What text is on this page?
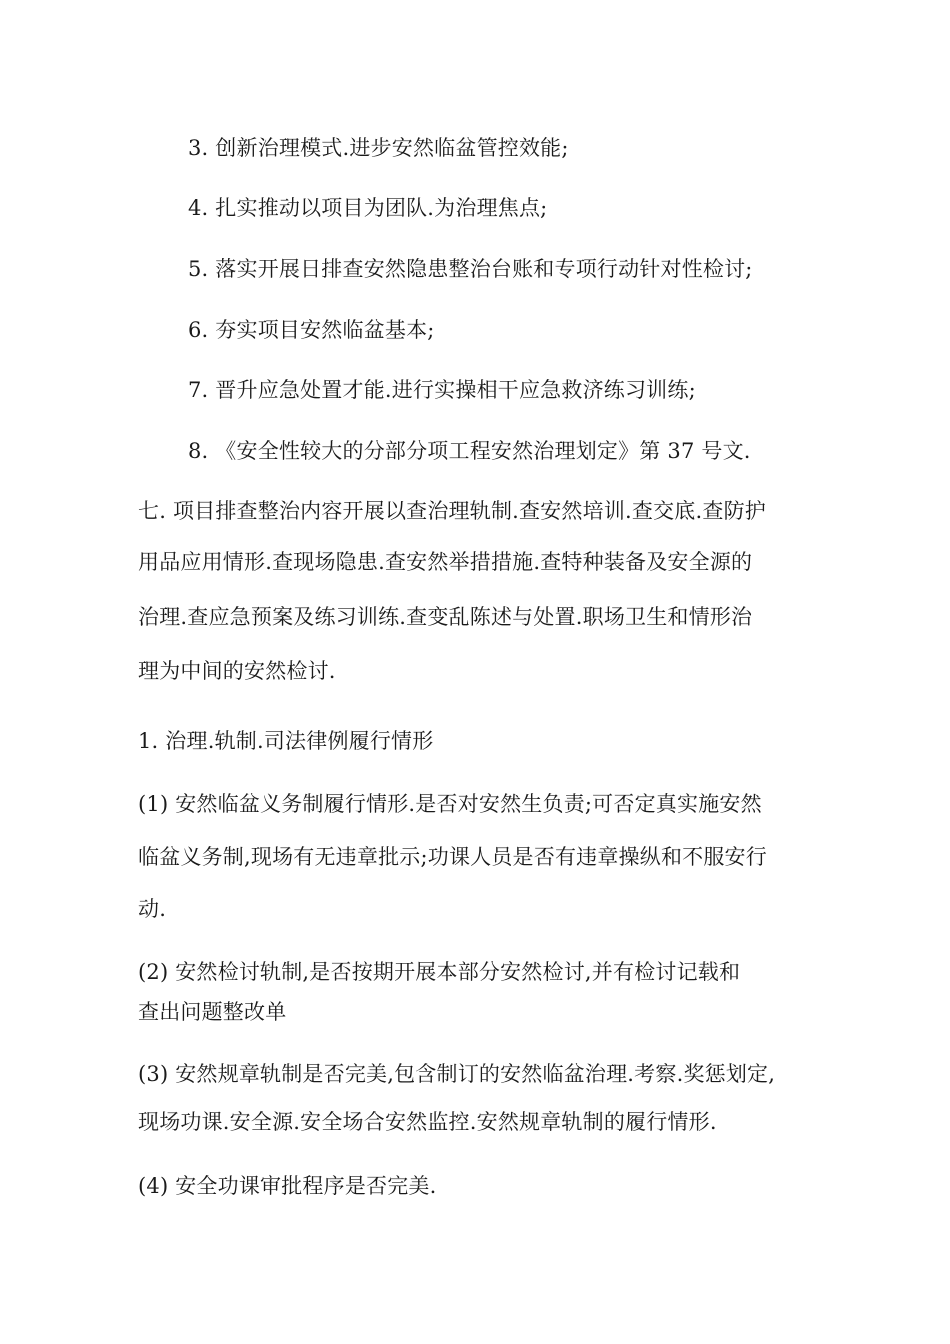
3. 创新治理模式.进步安然临盆管控效能;
4. 扎实推动以项目为团队.为治理焦点;
5. 落实开展日排查安然隐患整治台账和专项行动针对性检讨;
6. 夯实项目安然临盆基本;
7. 晋升应急处置才能.进行实操相干应急救济练习训练;
8. 《安全性较大的分部分项工程安然治理划定》第 37 号文.
七. 项目排查整治内容开展以查治理轨制.查安然培训.查交底.查防护
用品应用情形.查现场隐患.查安然举措措施.查特种装备及安全源的
治理.查应急预案及练习训练.查变乱陈述与处置.职场卫生和情形治
理为中间的安然检讨.
1. 治理.轨制.司法律例履行情形
(1) 安然临盆义务制履行情形.是否对安然生负责;可否定真实施安然
临盆义务制,现场有无违章批示;功课人员是否有违章操纵和不服安行
动.
(2) 安然检讨轨制,是否按期开展本部分安然检讨,并有检讨记载和
查出问题整改单
(3) 安然规章轨制是否完美,包含制订的安然临盆治理.考察.奖惩划定,
现场功课.安全源.安全场合安然监控.安然规章轨制的履行情形.
(4) 安全功课审批程序是否完美.
